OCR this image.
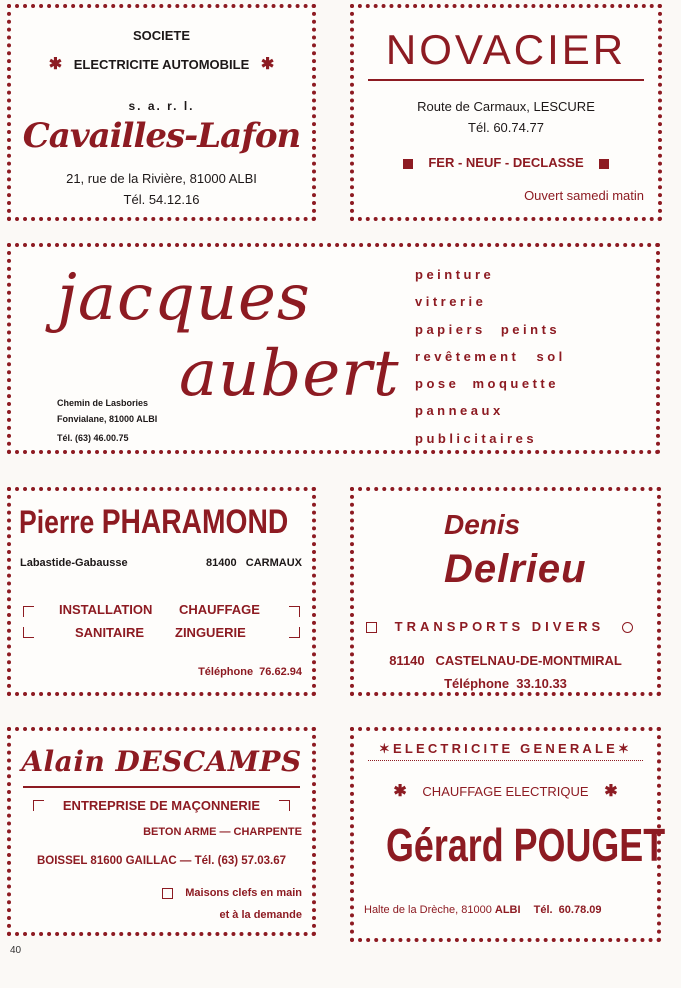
SOCIETE
✱ ELECTRICITE AUTOMOBILE ✱
s. a. r. l.
Cavailles-Lafon
21, rue de la Rivière, 81000 ALBI
Tél. 54.12.16
NOVACIER
Route de Carmaux, LESCURE
Tél. 60.74.77
FER - NEUF - DECLASSE
Ouvert samedi matin
jacques
aubert
Chemin de Lasbories
Fonvialane, 81000 ALBI
Tél. (63) 46.00.75
peinture
vitrerie
papiers peints
revêtement sol
pose moquette
panneaux
publicitaires
Pierre PHARAMOND
Labastide-Gabausse	81400   CARMAUX
INSTALLATION CHAUFFAGE
SANITAIRE ZINGUERIE
Téléphone  76.62.94
Denis
Delrieu
TRANSPORTS DIVERS
81140   CASTELNAU-DE-MONTMIRAL
Téléphone  33.10.33
Alain DESCAMPS
ENTREPRISE DE MAÇONNERIE
BETON ARME — CHARPENTE
BOISSEL 81600 GAILLAC — Tél. (63) 57.03.67
Maisons clefs en main
et à la demande
✶ELECTRICITE GENERALE✶
✱ CHAUFFAGE ELECTRIQUE ✱
Gérard POUGET
Halte de la Drèche, 81000 ALBI Tél.  60.78.09
40
